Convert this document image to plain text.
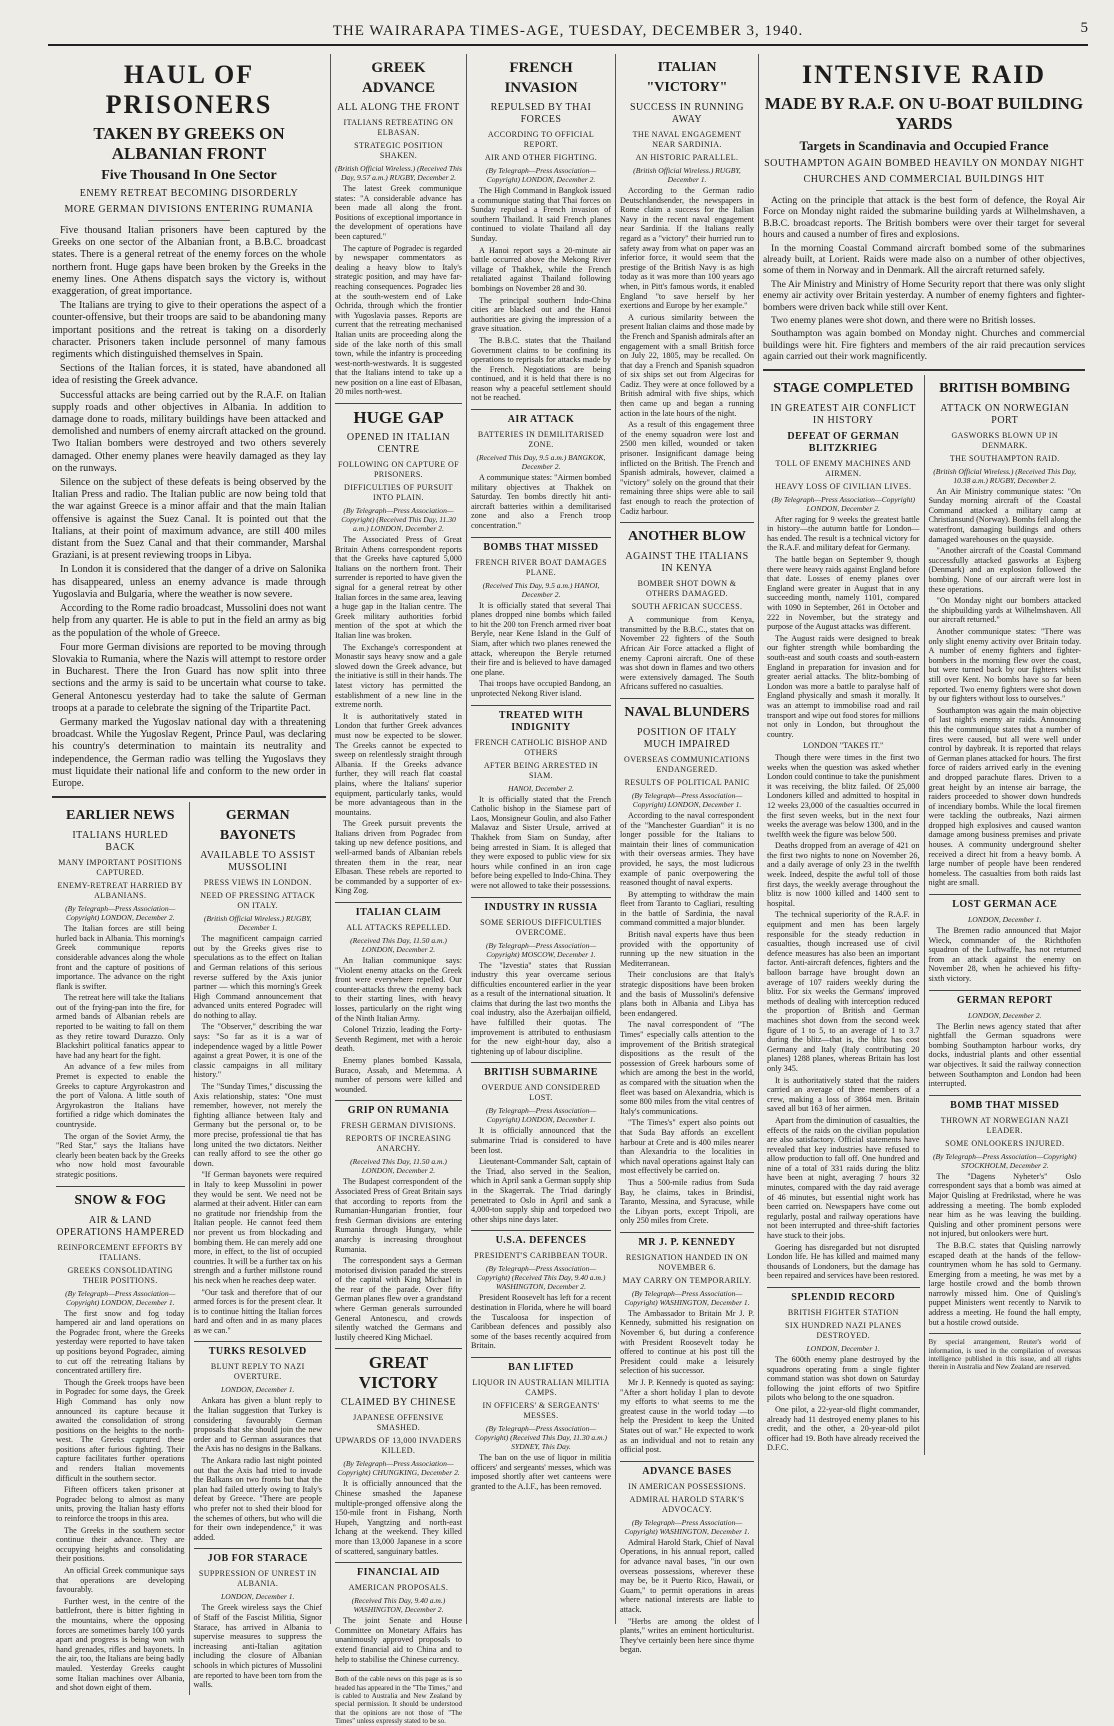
THE WAIRARAPA TIMES-AGE, TUESDAY, DECEMBER 3, 1940.	5
HAUL OF PRISONERS
TAKEN BY GREEKS ON ALBANIAN FRONT
Five Thousand In One Sector
ENEMY RETREAT BECOMING DISORDERLY
MORE GERMAN DIVISIONS ENTERING RUMANIA

Five thousand Italian prisoners have been captured by the Greeks on one sector of the Albanian front, a B.B.C. broadcast states. There is a general retreat of the enemy forces on the whole northern front. Huge gaps have been broken by the Greeks in the enemy lines. One Athens dispatch says the victory is, without exaggeration, of great importance.

The Italians are trying to give to their operations the aspect of a counter-offensive, but their troops are said to be abandoning many important positions and the retreat is taking on a disorderly character. Prisoners taken include personnel of many famous regiments which distinguished themselves in Spain.

Sections of the Italian forces, it is stated, have abandoned all idea of resisting the Greek advance.

Successful attacks are being carried out by the R.A.F. on Italian supply roads and other objectives in Albania. In addition to damage done to roads, military buildings have been attacked and demolished and numbers of enemy aircraft attacked on the ground. Two Italian bombers were destroyed and two others severely damaged. Other enemy planes were heavily damaged as they lay on the runways.

Silence on the subject of these defeats is being observed by the Italian Press and radio. The Italian public are now being told that the war against Greece is a minor affair and that the main Italian offensive is against the Suez Canal. It is pointed out that the Italians, at their point of maximum advance, are still 400 miles distant from the Suez Canal and that their commander, Marshal Graziani, is at present reviewing troops in Libya.

In London it is considered that the danger of a drive on Salonika has disappeared, unless an enemy advance is made through Yugoslavia and Bulgaria, where the weather is now severe.

According to the Rome radio broadcast, Mussolini does not want help from any quarter. He is able to put in the field an army as big as the population of the whole of Greece.

Four more German divisions are reported to be moving through Slovakia to Rumania, where the Nazis will attempt to restore order in Bucharest. There the Iron Guard has now split into three sections and the army is said to be uncertain what course to take. General Antonescu yesterday had to take the salute of German troops at a parade to celebrate the signing of the Tripartite Pact.

Germany marked the Yugoslav national day with a threatening broadcast. While the Yugoslav Regent, Prince Paul, was declaring his country's determination to maintain its neutrality and independence, the German radio was telling the Yugoslavs they must liquidate their national life and conform to the new order in Europe.

EARLIER NEWS
ITALIANS HURLED BACK
MANY IMPORTANT POSITIONS CAPTURED.
ENEMY-RETREAT HARRIED BY ALBANIANS.
(By Telegraph—Press Association—Copyright) LONDON, December 2.

The Italian forces are still being hurled back in Albania. This morning's Greek communique reports considerable advances along the whole front and the capture of positions of importance. The advance on the right flank is swifter.

The retreat here will take the Italians out of the frying-pan into the fire, for armed bands of Albanian rebels are reported to be waiting to fall on them as they retire toward Durazzo. Only Blackshirt political fanatics appear to have had any heart for the fight.

An advance of a few miles from Premet is expected to enable the Greeks to capture Argyrokastron and the port of Valona. A little south of Argyrokastron the Italians have fortified a ridge which dominates the countryside.

The organ of the Soviet Army, the "Red Star," says the Italians have clearly been beaten back by the Greeks who now hold most favourable strategic positions.

SNOW & FOG
AIR & LAND OPERATIONS HAMPERED
REINFORCEMENT EFFORTS BY ITALIANS.
GREEKS CONSOLIDATING THEIR POSITIONS.
(By Telegraph—Press Association—Copyright) LONDON, December 1.

The first snow and fog today hampered air and land operations on the Pogradec front, where the Greeks yesterday were reported to have taken up positions beyond Pogradec, aiming to cut off the retreating Italians by concentrated artillery fire.

Though the Greek troops have been in Pogradec for some days, the Greek High Command has only now announced its capture because it awaited the consolidation of strong positions on the heights to the north-west. The Greeks captured these positions after furious fighting. Their capture facilitates further operations and renders Italian movements difficult in the southern sector.

Fifteen officers taken prisoner at Pogradec belong to almost as many units, proving the Italian hasty efforts to reinforce the troops in this area.

The Greeks in the southern sector continue their advance. They are occupying heights and consolidating their positions.

An official Greek communique says that operations are developing favourably.

Further west, in the centre of the battlefront, there is bitter fighting in the mountains, where the opposing forces are sometimes barely 100 yards apart and progress is being won with hand grenades, rifles and bayonets. In the air, too, the Italians are being badly mauled. Yesterday Greeks caught some Italian machines over Albania, and shot down eight of them.

GERMAN BAYONETS
AVAILABLE TO ASSIST MUSSOLINI
PRESS VIEWS IN LONDON.
NEED OF PRESSING ATTACK ON ITALY.
(British Official Wireless.) RUGBY, December 1.

The magnificent campaign carried out by the Greeks gives rise to speculations as to the effect on Italian and German relations of this serious reverse suffered by the Axis junior partner — which this morning's Greek High Command announcement that advanced units entered Pogradec will do nothing to allay.

The "Observer," describing the war says: "So far as it is a war of independence waged by a little Power against a great Power, it is one of the classic campaigns in all military history."

The "Sunday Times," discussing the Axis relationship, states: "One must remember, however, not merely the fighting alliance between Italy and Germany but the personal or, to be more precise, professional tie that has long united the two dictators. Neither can really afford to see the other go down.

"If German bayonets were required in Italy to keep Mussolini in power they would be sent. We need not be alarmed at their advent. Hitler can earn no gratitude nor friendship from the Italian people. He cannot feed them nor prevent us from blockading and bombing them. He can merely add one more, in effect, to the list of occupied countries. It will be a further tax on his strength and a further millstone round his neck when he reaches deep water.

"Our task and therefore that of our armed forces is for the present clear. It is to continue hitting the Italian forces hard and often and in as many places as we can."

TURKS RESOLVED
BLUNT REPLY TO NAZI OVERTURE.
LONDON, December 1.

Ankara has given a blunt reply to the Italian suggestion that Turkey is considering favourably German proposals that she should join the new order and to German assurances that the Axis has no designs in the Balkans.

The Ankara radio last night pointed out that the Axis had tried to invade the Balkans on two fronts but that the plan had failed utterly owing to Italy's defeat by Greece. "There are people who prefer not to shed their blood for the schemes of others, but who will die for their own independence," it was added.

JOB FOR STARACE
SUPPRESSION OF UNREST IN ALBANIA.
LONDON, December 1.

The Greek wireless says the Chief of Staff of the Fascist Militia, Signor Starace, has arrived in Albania to supervise measures to suppress the increasing anti-Italian agitation including the closure of Albanian schools in which pictures of Mussolini are reported to have been torn from the walls.

GREEK ADVANCE
ALL ALONG THE FRONT
ITALIANS RETREATING ON ELBASAN.
STRATEGIC POSITION SHAKEN.
(British Official Wireless.) (Received This Day, 9.57 a.m.) RUGBY, December 2.

The latest Greek communique states: "A considerable advance has been made all along the front. Positions of exceptional importance in the development of operations have been captured."

The capture of Pogradec is regarded by newspaper commentators as dealing a heavy blow to Italy's strategic position, and may have far-reaching consequences. Pogradec lies at the south-western end of Lake Ochrida, through which the frontier with Yugoslavia passes. Reports are current that the retreating mechanised Italian units are proceeding along the side of the lake north of this small town, while the infantry is proceeding west-north-westwards. It is suggested that the Italians intend to take up a new position on a line east of Elbasan, 20 miles north-west.

HUGE GAP
OPENED IN ITALIAN CENTRE
FOLLOWING ON CAPTURE OF PRISONERS.
DIFFICULTIES OF PURSUIT INTO PLAIN.
(By Telegraph—Press Association—Copyright) (Received This Day, 11.30 a.m.) LONDON, December 2.

The Associated Press of Great Britain Athens correspondent reports that the Greeks have captured 5,000 Italians on the northern front. Their surrender is reported to have given the signal for a general retreat by other Italian forces in the same area, leaving a huge gap in the Italian centre. The Greek military authorities forbid mention of the spot at which the Italian line was broken.

The Exchange's correspondent at Monastir says heavy snow and a gale slowed down the Greek advance, but the initiative is still in their hands. The latest victory has permitted the establishment of a new line in the extreme north.

It is authoritatively stated in London that further Greek advances must now be expected to be slower. The Greeks cannot be expected to sweep on relentlessly straight through Albania. If the Greeks advance further, they will reach flat coastal plains, where the Italians' superior equipment, particularly tanks, would be more advantageous than in the mountains.

The Greek pursuit prevents the Italians driven from Pogradec from taking up new defence positions, and well-armed bands of Albanian rebels threaten them in the rear, near Elbasan. These rebels are reported to be commanded by a supporter of ex-King Zog.

ITALIAN CLAIM
ALL ATTACKS REPELLED.
(Received This Day, 11.50 a.m.) LONDON, December 2.

An Italian communique says: "Violent enemy attacks on the Greek front were everywhere repelled. Our counter-attacks threw the enemy back to their starting lines, with heavy losses, particularly on the right wing of the Ninth Italian Army.

Colonel Trizzio, leading the Forty-Seventh Regiment, met with a heroic death.

Enemy planes bombed Kassala, Buraco, Assab, and Metemma. A number of persons were killed and wounded.

GRIP ON RUMANIA
FRESH GERMAN DIVISIONS.
REPORTS OF INCREASING ANARCHY.
(Received This Day, 11.50 a.m.) LONDON, December 2.

The Budapest correspondent of the Associated Press of Great Britain says that according to reports from the Rumanian-Hungarian frontier, four fresh German divisions are entering Rumania through Hungary, while anarchy is increasing throughout Rumania.

The correspondent says a German motorised division paraded the streets of the capital with King Michael in the rear of the parade. Over fifty German planes flew over a grandstand where German generals surrounded General Antonescu, and crowds silently watched the Germans and lustily cheered King Michael.

GREAT VICTORY
CLAIMED BY CHINESE
JAPANESE OFFENSIVE SMASHED.
UPWARDS OF 13,000 INVADERS KILLED.
(By Telegraph—Press Association—Copyright) CHUNGKING, December 2.

It is officially announced that the Chinese smashed the Japanese multiple-pronged offensive along the 150-mile front in Fishang, North Hupeh, Yangtzing and north-east Ichang at the weekend. They killed more than 13,000 Japanese in a score of scattered, sanguinary battles.

FINANCIAL AID
AMERICAN PROPOSALS.
(Received This Day, 9.40 a.m.) WASHINGTON, December 2.

The joint Senate and House Committee on Monetary Affairs has unanimously approved proposals to extend financial aid to China and to help to stabilise the Chinese currency.

Both of the cable news on this page as is so headed has appeared in the "The Times," and is cabled to Australia and New Zealand by special permission. It should be understood that the opinions are not those of "The Times" unless expressly stated to be so.
FRENCH INVASION
REPULSED BY THAI FORCES
ACCORDING TO OFFICIAL REPORT.
AIR AND OTHER FIGHTING.
(By Telegraph—Press Association—Copyright) LONDON, December 2.

The High Command in Bangkok issued a communique stating that Thai forces on Sunday repulsed a French invasion of southern Thailand. It said French planes continued to violate Thailand all day Sunday.

A Hanoi report says a 20-minute air battle occurred above the Mekong River village of Thakhek, while the French retaliated against Thailand following bombings on November 28 and 30.

The principal southern Indo-China cities are blacked out and the Hanoi authorities are giving the impression of a grave situation.

The B.B.C. states that the Thailand Government claims to be confining its operations to reprisals for attacks made by the French. Negotiations are being continued, and it is held that there is no reason why a peaceful settlement should not be reached.

AIR ATTACK
BATTERIES IN DEMILITARISED ZONE.
(Received This Day, 9.5 a.m.) BANGKOK, December 2.

A communique states: "Airmen bombed military objectives at Thakhek on Saturday. Ten bombs directly hit anti-aircraft batteries within a demilitarised zone and also a French troop concentration."

BOMBS THAT MISSED
FRENCH RIVER BOAT DAMAGES PLANE.
(Received This Day, 9.5 a.m.) HANOI, December 2.

It is officially stated that several Thai planes dropped nine bombs which failed to hit the 200 ton French armed river boat Beryle, near Kene Island in the Gulf of Siam, after which two planes renewed the attack, whereupon the Beryle returned their fire and is believed to have damaged one plane.

Thai troops have occupied Bandong, an unprotected Nekong River island.

TREATED WITH INDIGNITY
FRENCH CATHOLIC BISHOP AND OTHERS
AFTER BEING ARRESTED IN SIAM.
HANOI, December 2.

It is officially stated that the French Catholic bishop in the Siamese part of Laos, Monsigneur Goulin, and also Father Malavaz and Sister Ursule, arrived at Thakhek from Siam on Sunday, after being arrested in Siam. It is alleged that they were exposed to public view for six hours while confined in an iron cage before being expelled to Indo-China. They were not allowed to take their possessions.

INDUSTRY IN RUSSIA
SOME SERIOUS DIFFICULTIES OVERCOME.
(By Telegraph—Press Association—Copyright) MOSCOW, December 1.

The "Izvestia" states that Russian industry this year overcame serious difficulties encountered earlier in the year as a result of the international situation. It claims that during the last two months the coal industry, also the Azerbaijan oilfield, have fulfilled their quotas. The improvement is attributed to enthusiasm for the new eight-hour day, also a tightening up of labour discipline.

BRITISH SUBMARINE
OVERDUE AND CONSIDERED LOST.
(By Telegraph—Press Association—Copyright) LONDON, December 1.

It is officially announced that the submarine Triad is considered to have been lost.

Lieutenant-Commander Salt, captain of the Triad, also served in the Sealion, which in April sank a German supply ship in the Skagerrak. The Triad daringly penetrated to Oslo in April and sank a 4,000-ton supply ship and torpedoed two other ships nine days later.

U.S.A. DEFENCES
PRESIDENT'S CARIBBEAN TOUR.
(By Telegraph—Press Association—Copyright) (Received This Day, 9.40 a.m.) WASHINGTON, December 2.

President Roosevelt has left for a recent destination in Florida, where he will board the Tuscaloosa for inspection of Caribbean defences and possibly also some of the bases recently acquired from Britain.

BAN LIFTED
LIQUOR IN AUSTRALIAN MILITIA CAMPS.
IN OFFICERS' & SERGEANTS' MESSES.
(By Telegraph—Press Association—Copyright) (Received This Day, 11.30 a.m.) SYDNEY, This Day.

The ban on the use of liquor in militia officers' and sergeants' messes, which was imposed shortly after wet canteens were granted to the A.I.F., has been removed.

ITALIAN "VICTORY"
SUCCESS IN RUNNING AWAY
THE NAVAL ENGAGEMENT NEAR SARDINIA.
AN HISTORIC PARALLEL.
(British Official Wireless.) RUGBY, December 1.

According to the German radio Deutschlandsender, the newspapers in Rome claim a success for the Italian Navy in the recent naval engagement near Sardinia. If the Italians really regard as a "victory" their hurried run to safety away from what on paper was an inferior force, it would seem that the prestige of the British Navy is as high today as it was more than 100 years ago when, in Pitt's famous words, it enabled England "to save herself by her exertions and Europe by her example."

A curious similarity between the present Italian claims and those made by the French and Spanish admirals after an engagement with a small British force on July 22, 1805, may be recalled. On that day a French and Spanish squadron of six ships set out from Algeciras for Cadiz. They were at once followed by a British admiral with five ships, which then came up and began a running action in the late hours of the night.

As a result of this engagement three of the enemy squadron were lost and 2500 men killed, wounded or taken prisoner. Insignificant damage being inflicted on the British. The French and Spanish admirals, however, claimed a "victory" solely on the ground that their remaining three ships were able to sail fast enough to reach the protection of Cadiz harbour.

ANOTHER BLOW
AGAINST THE ITALIANS IN KENYA
BOMBER SHOT DOWN & OTHERS DAMAGED.
SOUTH AFRICAN SUCCESS.

A communique from Kenya, transmitted by the B.B.C., states that on November 22 fighters of the South African Air Force attacked a flight of enemy Caproni aircraft. One of these was shot down in flames and two others were extensively damaged. The South Africans suffered no casualties.

NAVAL BLUNDERS
POSITION OF ITALY MUCH IMPAIRED
OVERSEAS COMMUNICATIONS ENDANGERED.
RESULTS OF POLITICAL PANIC
(By Telegraph—Press Association—Copyright) LONDON, December 1.

According to the naval correspondent of the "Manchester Guardian" it is no longer possible for the Italians to maintain their lines of communication with their overseas armies. They have provided, he says, the most ludicrous example of panic overpowering the reasoned thought of naval experts.

By attempting to withdraw the main fleet from Taranto to Cagliari, resulting in the battle of Sardinia, the naval command committed a major blunder.

British naval experts have thus been provided with the opportunity of running up the new situation in the Mediterranean.

Their conclusions are that Italy's strategic dispositions have been broken and the basis of Mussolini's defensive plans both in Albania and Libya has been endangered.

The naval correspondent of "The Times" especially calls attention to the improvement of the British strategical dispositions as the result of the possession of Greek harbours some of which are among the best in the world, as compared with the situation when the fleet was based on Alexandria, which is some 800 miles from the vital centres of Italy's communications.

"The Times's" expert also points out that Suda Bay affords an excellent harbour at Crete and is 400 miles nearer than Alexandria to the localities in which naval operations against Italy can most effectively be carried on.

Thus a 500-mile radius from Suda Bay, he claims, takes in Brindisi, Taranto, Messina, and Syracuse, while the Libyan ports, except Tripoli, are only 250 miles from Crete.

MR J. P. KENNEDY
RESIGNATION HANDED IN ON NOVEMBER 6.
MAY CARRY ON TEMPORARILY.
(By Telegraph—Press Association—Copyright) WASHINGTON, December 1.

The Ambassador to Britain Mr J. P. Kennedy, submitted his resignation on November 6, but during a conference with President Roosevelt today he offered to continue at his post till the President could make a leisurely selection of his successor.

Mr J. P. Kennedy is quoted as saying: "After a short holiday I plan to devote my efforts to what seems to me the greatest cause in the world today —to help the President to keep the United States out of war." He expected to work as an individual and not to retain any official post.

ADVANCE BASES
IN AMERICAN POSSESSIONS.
ADMIRAL HAROLD STARK'S ADVOCACY.
(By Telegraph—Press Association—Copyright) WASHINGTON, December 1.

Admiral Harold Stark, Chief of Naval Operations, in his annual report, called for advance naval bases, "in our own overseas possessions, wherever these may be, be it Puerto Rico, Hawaii, or Guam," to permit operations in areas where national interests are liable to attack.

"Herbs are among the oldest of plants," writes an eminent horticulturist. They've certainly been here since thyme began.

INTENSIVE RAID
MADE BY R.A.F. ON U-BOAT BUILDING YARDS
Targets in Scandinavia and Occupied France
SOUTHAMPTON AGAIN BOMBED HEAVILY ON MONDAY NIGHT
CHURCHES AND COMMERCIAL BUILDINGS HIT

Acting on the principle that attack is the best form of defence, the Royal Air Force on Monday night raided the submarine building yards at Wilhelmshaven, a B.B.C. broadcast reports. The British bombers were over their target for several hours and caused a number of fires and explosions.

In the morning Coastal Command aircraft bombed some of the submarines already built, at Lorient. Raids were made also on a number of other objectives, some of them in Norway and in Denmark. All the aircraft returned safely.

The Air Ministry and Ministry of Home Security report that there was only slight enemy air activity over Britain yesterday. A number of enemy fighters and fighter-bombers were driven back while still over Kent.

Two enemy planes were shot down, and there were no British losses.

Southampton was again bombed on Monday night. Churches and commercial buildings were hit. Fire fighters and members of the air raid precaution services again carried out their work magnificently.

STAGE COMPLETED
IN GREATEST AIR CONFLICT IN HISTORY
DEFEAT OF GERMAN BLITZKRIEG
TOLL OF ENEMY MACHINES AND AIRMEN.
HEAVY LOSS OF CIVILIAN LIVES.
(By Telegraph—Press Association—Copyright) LONDON, December 2.

After raging for 9 weeks the greatest battle in history—the autumn battle for London—has ended. The result is a technical victory for the R.A.F. and military defeat for Germany.

The battle began on September 9, though there were heavy raids against England before that date. Losses of enemy planes over England were greater in August that in any succeeding month, namely 1101, compared with 1090 in September, 261 in October and 222 in November, but the strategy and purpose of the August attacks was different.

The August raids were designed to break our fighter strength while bombarding the south-east and south coasts and south-eastern England in preparation for invasion and for greater aerial attacks. The blitz-bombing of London was more a battle to paralyse half of England physically and smash it morally. It was an attempt to immobilise road and rail transport and wipe out food stores for millions not only in London, but throughout the country.

LONDON "TAKES IT."

Though there were times in the first two weeks when the question was asked whether London could continue to take the punishment it was receiving, the blitz failed. Of 25,000 Londoners killed and admitted to hospital in 12 weeks 23,000 of the casualties occurred in the first seven weeks, but in the next four weeks the average was below 1300, and in the twelfth week the figure was below 500.

Deaths dropped from an average of 421 on the first two nights to none on November 26, and a daily average of only 23 in the twelfth week. Indeed, despite the awful toll of those first days, the weekly average throughout the blitz is now 1000 killed and 1400 sent to hospital.

The technical superiority of the R.A.F. in equipment and men has been largely responsible for the steady reduction in casualties, though increased use of civil defence measures has also been an important factor. Anti-aircraft defences, fighters and the balloon barrage have brought down an average of 107 raiders weekly during the blitz. For six weeks the Germans' improved methods of dealing with interception reduced the proportion of British and German machines shot down from the second week figure of 1 to 5, to an average of 1 to 3.7 during the blitz—that is, the blitz has cost Germany and Italy (Italy contributing 20 planes) 1288 planes, whereas Britain has lost only 345.

It is authoritatively stated that the raiders carried an average of three members of a crew, making a loss of 3864 men. Britain saved all but 163 of her airmen.

Apart from the diminution of casualties, the effects of the raids on the civilian population are also satisfactory. Official statements have revealed that key industries have refused to allow production to fall off. One hundred and nine of a total of 331 raids during the blitz have been at night, averaging 7 hours 32 minutes, compared with the day raid average of 46 minutes, but essential night work has been carried on. Newspapers have come out regularly, postal and railway operations have not been interrupted and three-shift factories have stuck to their jobs.

Goering has disregarded but not disrupted London life. He has killed and maimed many thousands of Londoners, but the damage has been repaired and services have been restored.

SPLENDID RECORD
BRITISH FIGHTER STATION
SIX HUNDRED NAZI PLANES DESTROYED.
LONDON, December 1.

The 600th enemy plane destroyed by the squadrons operating from a single fighter command station was shot down on Saturday following the joint efforts of two Spitfire pilots who belong to the one squadron.

One pilot, a 22-year-old flight commander, already had 11 destroyed enemy planes to his credit, and the other, a 20-year-old pilot officer had 19. Both have already received the D.F.C.

BRITISH BOMBING
ATTACK ON NORWEGIAN PORT
GASWORKS BLOWN UP IN DENMARK.
THE SOUTHAMPTON RAID.
(British Official Wireless.) (Received This Day, 10.38 a.m.) RUGBY, December 2.

An Air Ministry communique states: "On Sunday morning aircraft of the Coastal Command attacked a military camp at Christiansund (Norway). Bombs fell along the waterfront, damaging buildings and others damaged warehouses on the quayside.

"Another aircraft of the Coastal Command successfully attacked gasworks at Esjberg (Denmark) and an explosion followed the bombing. None of our aircraft were lost in these operations.

"On Monday night our bombers attacked the shipbuilding yards at Wilhelmshaven. All our aircraft returned."

Another communique states: "There was only slight enemy activity over Britain today. A number of enemy fighters and fighter-bombers in the morning flew over the coast, but were turned back by our fighters whilst still over Kent. No bombs have so far been reported. Two enemy fighters were shot down by our fighters without loss to ourselves."

Southampton was again the main objective of last night's enemy air raids. Announcing this the communique states that a number of fires were caused, but all were well under control by daybreak. It is reported that relays of German planes attacked for hours. The first force of raiders arrived early in the evening and dropped parachute flares. Driven to a great height by an intense air barrage, the raiders proceeded to shower down hundreds of incendiary bombs. While the local firemen were tackling the outbreaks, Nazi airmen dropped high explosives and caused wanton damage among business premises and private houses. A community underground shelter received a direct hit from a heavy bomb. A large number of people have been rendered homeless. The casualties from both raids last night are small.

LOST GERMAN ACE
LONDON, December 1.

The Bremen radio announced that Major Wieck, commander of the Richthofen squadron of the Luftwaffe, has not returned from an attack against the enemy on November 28, when he achieved his fifty-sixth victory.

GERMAN REPORT
LONDON, December 2.

The Berlin news agency stated that after nightfall the German squadrons were bombing Southampton harbour works, dry docks, industrial plants and other essential war objectives. It said the railway connection between Southampton and London had been interrupted.

BOMB THAT MISSED
THROWN AT NORWEGIAN NAZI LEADER.
SOME ONLOOKERS INJURED.
(By Telegraph—Press Association—Copyright) STOCKHOLM, December 2.

The "Dagens Nyheter's" Oslo correspondent says that a bomb was aimed at Major Quisling at Fredrikstad, where he was addressing a meeting. The bomb exploded near him as he was leaving the building. Quisling and other prominent persons were not injured, but onlookers were hurt.

The B.B.C. states that Quisling narrowly escaped death at the hands of the fellow-countrymen whom he has sold to Germany. Emerging from a meeting, he was met by a large hostile crowd and the bomb thrown narrowly missed him. One of Quisling's puppet Ministers went recently to Narvik to address a meeting. He found the hall empty, but a hostile crowd outside.

By special arrangement, Reuter's world of information, is used in the compilation of overseas intelligence published in this issue, and all rights therein in Australia and New Zealand are reserved.
